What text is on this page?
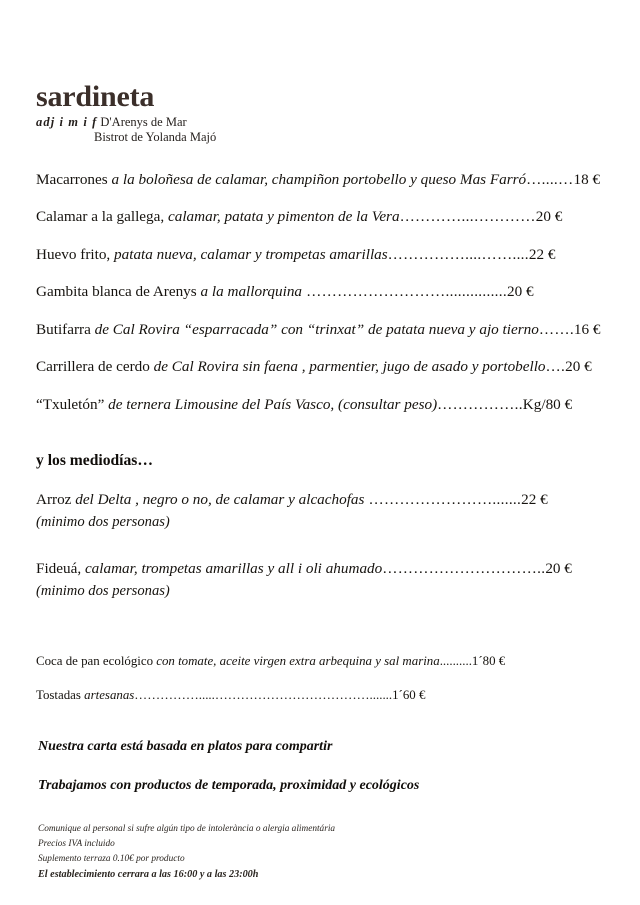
sardineta
adj i m i f D'Arenys de Mar
Bistrot de Yolanda Majó
Macarrones a la boloñesa de calamar, champiñon portobello y queso Mas Farró…....…18 €
Calamar a la gallega, calamar, patata y pimenton de la Vera…………...…………20 €
Huevo frito, patata nueva, calamar y trompetas amarillas……………....……....22 €
Gambita blanca de Arenys a la mallorquina ………………………...............20 €
Butifarra de Cal Rovira “esparracada” con “trinxat” de patata nueva y ajo tierno…….16 €
Carrillera de cerdo de Cal Rovira sin faena , parmentier, jugo de asado y portobello….20 €
“Txuletón” de ternera Limousine del País Vasco, (consultar peso)……………..Kg/80 €
y los mediodías…
Arroz del Delta , negro o no, de calamar y alcachofas …………………….......22 €
(minimo dos personas)
Fideuá, calamar, trompetas amarillas y all i oli ahumado…………………………..20 €
(minimo dos personas)
Coca de pan ecológico con tomate, aceite virgen extra arbequina y sal marina..........1´80 €
Tostadas artesanas…………….....……………………………….......1´60 €
Nuestra carta está basada en platos para compartir
Trabajamos con productos de temporada, proximidad y ecológicos
Comunique al personal si sufre algún tipo de intolerància o alergia alimentária
Precios IVA incluido
Suplemento terraza 0.10€ por producto
El establecimiento cerrara a las 16:00 y a las 23:00h
